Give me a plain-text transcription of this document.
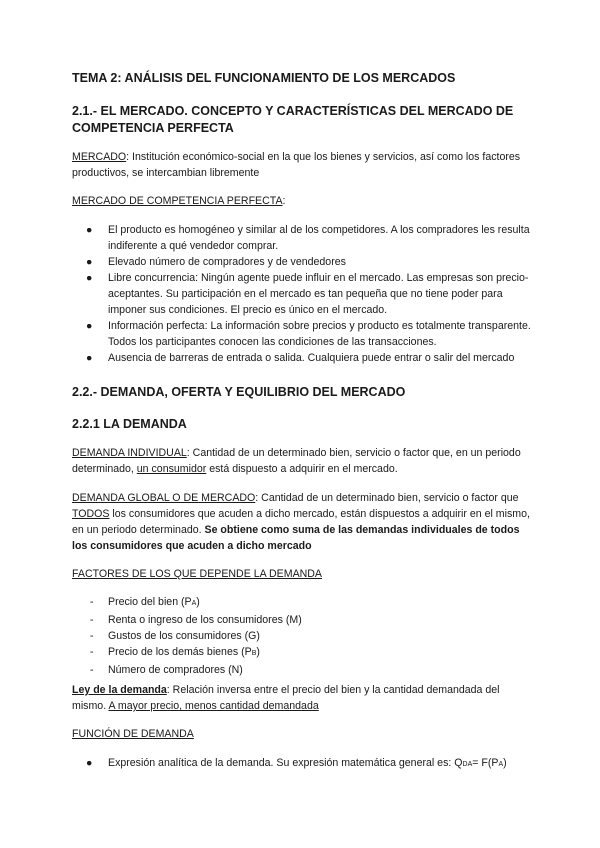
TEMA 2: ANÁLISIS DEL FUNCIONAMIENTO DE LOS MERCADOS
2.1.- EL MERCADO. CONCEPTO Y CARACTERÍSTICAS DEL MERCADO DE COMPETENCIA PERFECTA
MERCADO: Institución económico-social en la que los bienes y servicios, así como los factores productivos, se intercambian libremente
MERCADO DE COMPETENCIA PERFECTA:
● El producto es homogéneo y similar al de los competidores. A los compradores les resulta indiferente a qué vendedor comprar.
● Elevado número de compradores y de vendedores
● Libre concurrencia: Ningún agente puede influir en el mercado. Las empresas son precio-aceptantes. Su participación en el mercado es tan pequeña que no tiene poder para imponer sus condiciones. El precio es único en el mercado.
● Información perfecta: La información sobre precios y producto es totalmente transparente. Todos los participantes conocen las condiciones de las transacciones.
● Ausencia de barreras de entrada o salida. Cualquiera puede entrar o salir del mercado
2.2.- DEMANDA, OFERTA Y EQUILIBRIO DEL MERCADO
2.2.1 LA DEMANDA
DEMANDA INDIVIDUAL: Cantidad de un determinado bien, servicio o factor que, en un periodo determinado, un consumidor está dispuesto a adquirir en el mercado.
DEMANDA GLOBAL O DE MERCADO: Cantidad de un determinado bien, servicio o factor que TODOS los consumidores que acuden a dicho mercado, están dispuestos a adquirir en el mismo, en un periodo determinado. Se obtiene como suma de las demandas individuales de todos los consumidores que acuden a dicho mercado
FACTORES DE LOS QUE DEPENDE LA DEMANDA
- Precio del bien (PA)
- Renta o ingreso de los consumidores (M)
- Gustos de los consumidores (G)
- Precio de los demás bienes (PB)
- Número de compradores (N)
Ley de la demanda: Relación inversa entre el precio del bien y la cantidad demandada del mismo. A mayor precio, menos cantidad demandada
FUNCIÓN DE DEMANDA
● Expresión analítica de la demanda. Su expresión matemática general es: QDA= F(PA)
